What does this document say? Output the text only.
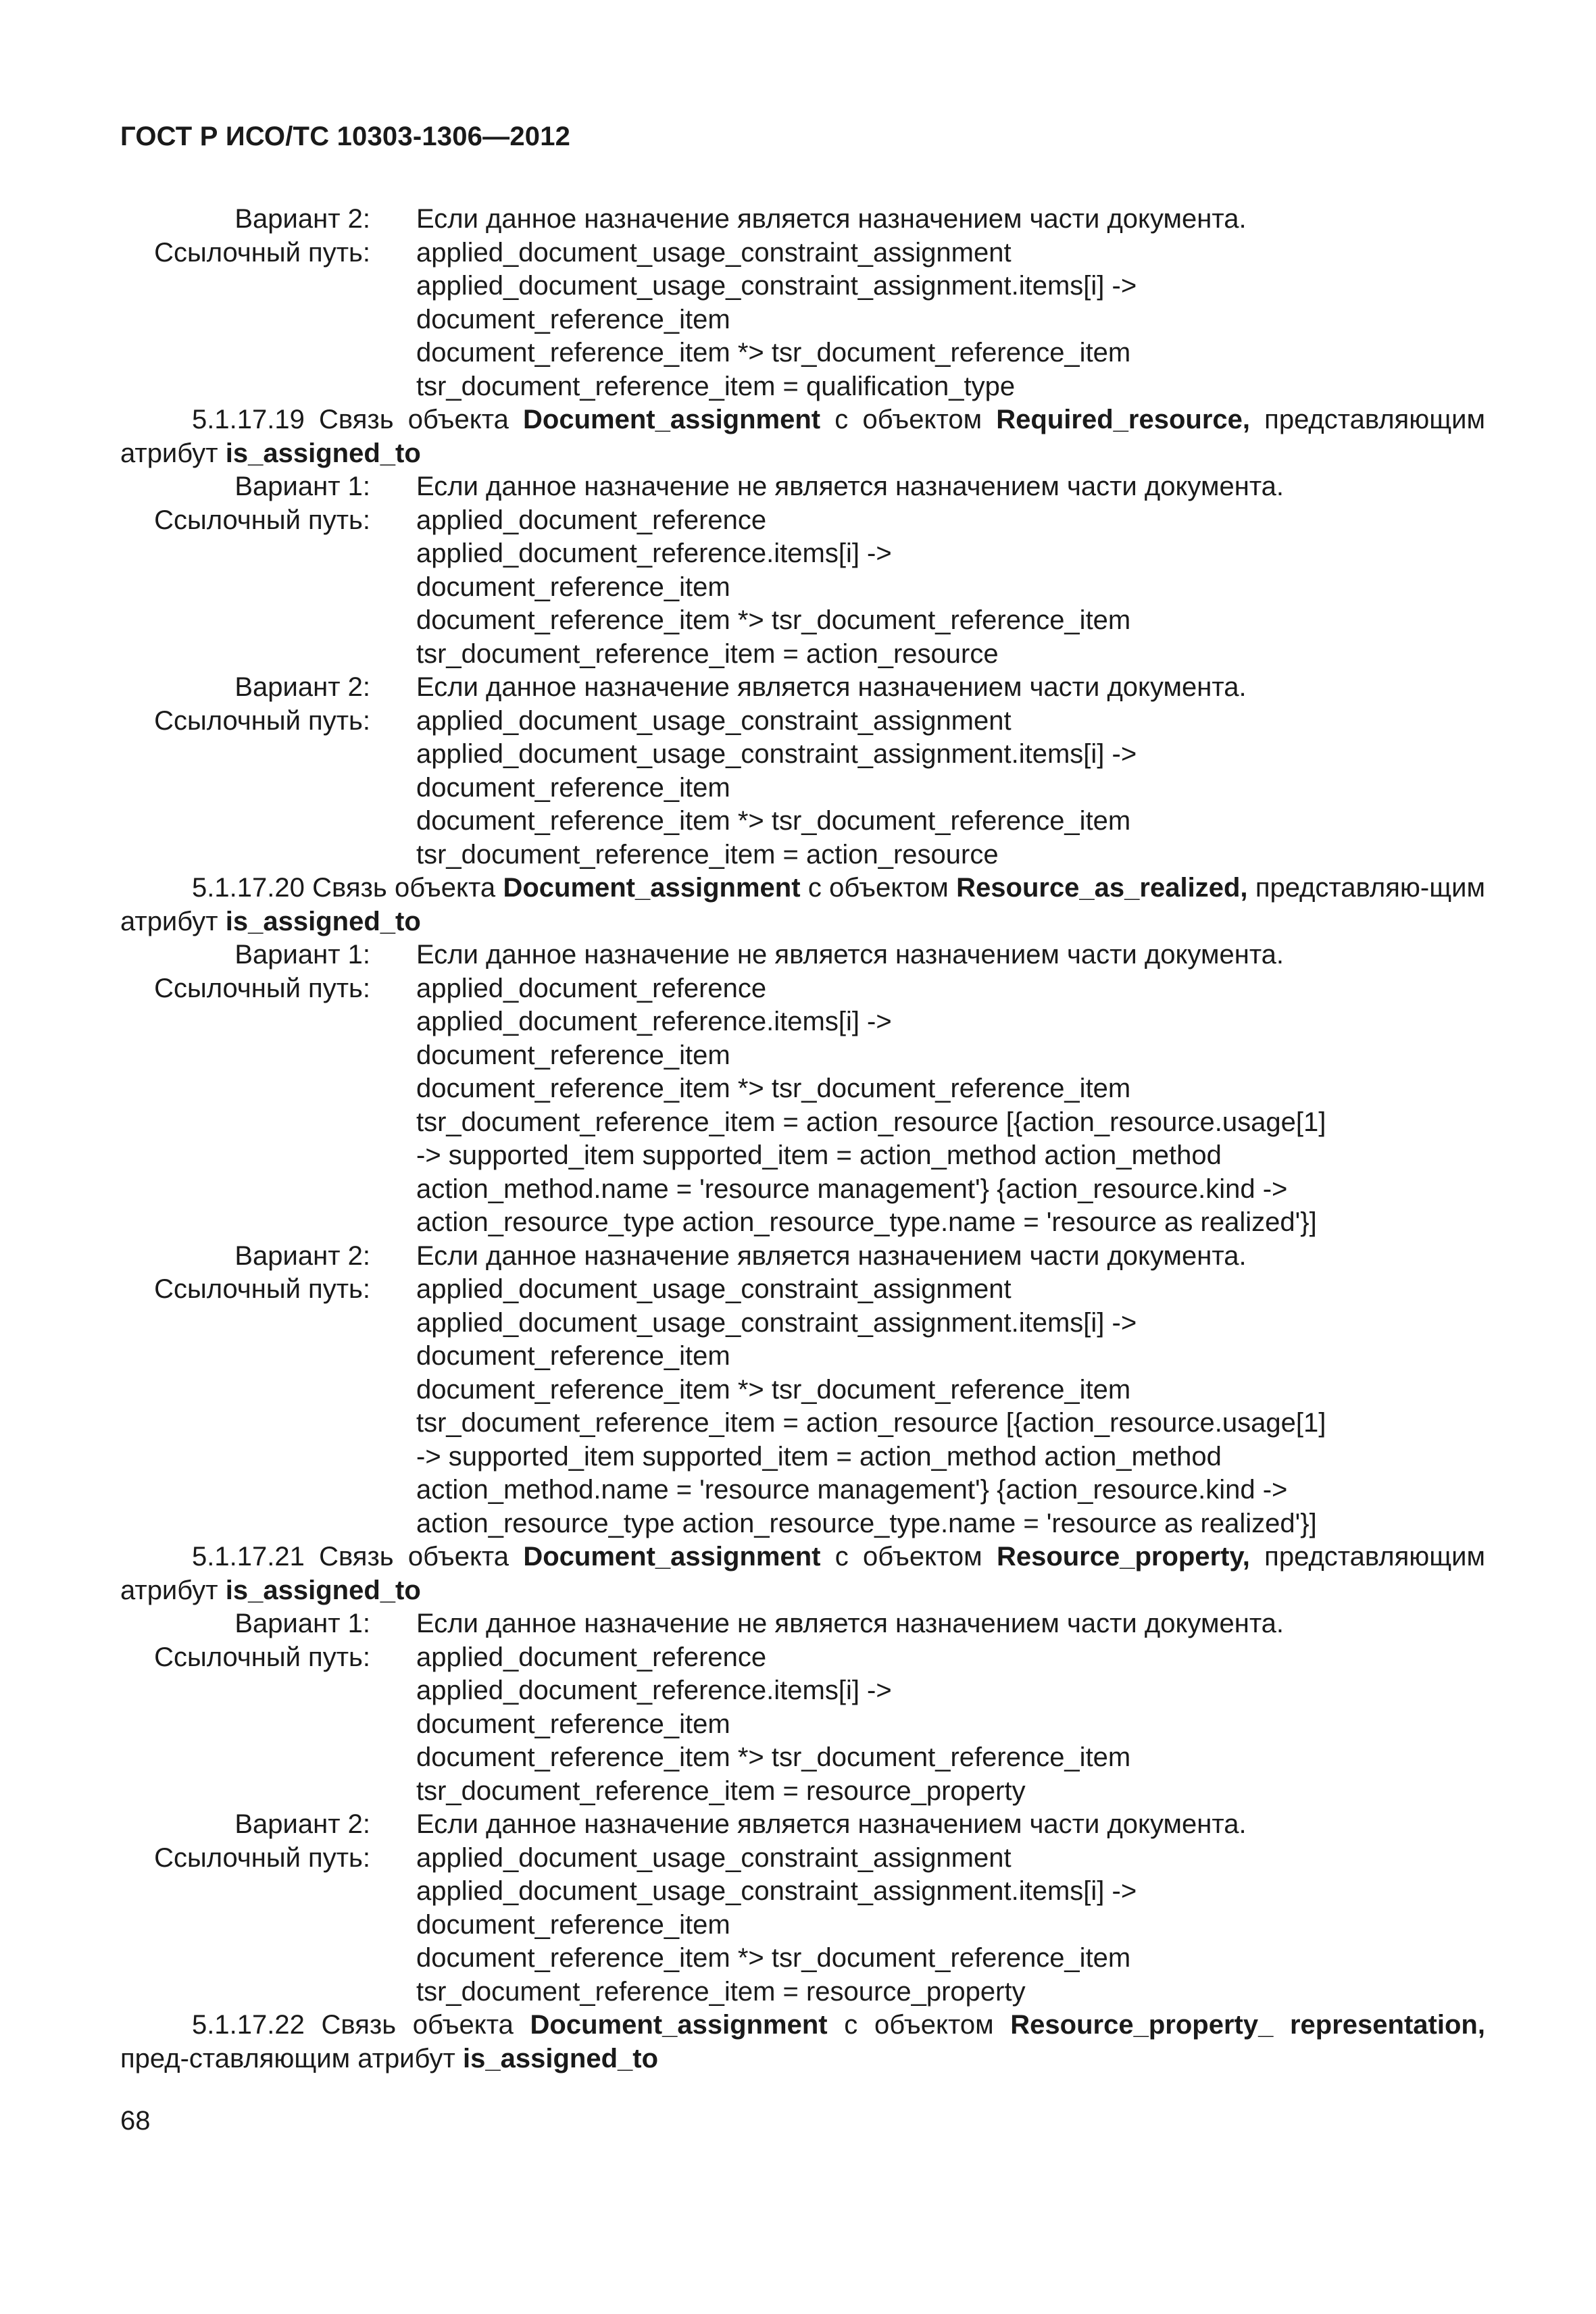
ГОСТ Р ИСО/ТС 10303-1306—2012
Вариант 2: Если данное назначение является назначением части документа.
Ссылочный путь: applied_document_usage_constraint_assignment
applied_document_usage_constraint_assignment.items[i] ->
document_reference_item
document_reference_item *> tsr_document_reference_item
tsr_document_reference_item = qualification_type
5.1.17.19 Связь объекта Document_assignment с объектом Required_resource, представляющим атрибут is_assigned_to
Вариант 1: Если данное назначение не является назначением части документа.
Ссылочный путь: applied_document_reference
applied_document_reference.items[i] ->
document_reference_item
document_reference_item *> tsr_document_reference_item
tsr_document_reference_item = action_resource
Вариант 2: Если данное назначение является назначением части документа.
Ссылочный путь: applied_document_usage_constraint_assignment
applied_document_usage_constraint_assignment.items[i] ->
document_reference_item
document_reference_item *> tsr_document_reference_item
tsr_document_reference_item = action_resource
5.1.17.20 Связь объекта Document_assignment с объектом Resource_as_realized, представляю-щим атрибут is_assigned_to
Вариант 1: Если данное назначение не является назначением части документа.
Ссылочный путь: applied_document_reference
applied_document_reference.items[i] ->
document_reference_item
document_reference_item *> tsr_document_reference_item
tsr_document_reference_item = action_resource [{action_resource.usage[1]
-> supported_item supported_item = action_method action_method
action_method.name = 'resource management'} {action_resource.kind ->
action_resource_type action_resource_type.name = 'resource as realized'}]
Вариант 2: Если данное назначение является назначением части документа.
Ссылочный путь: applied_document_usage_constraint_assignment
applied_document_usage_constraint_assignment.items[i] ->
document_reference_item
document_reference_item *> tsr_document_reference_item
tsr_document_reference_item = action_resource [{action_resource.usage[1]
-> supported_item supported_item = action_method action_method
action_method.name = 'resource management'} {action_resource.kind ->
action_resource_type action_resource_type.name = 'resource as realized'}]
5.1.17.21 Связь объекта Document_assignment с объектом Resource_property, представляющим атрибут is_assigned_to
Вариант 1: Если данное назначение не является назначением части документа.
Ссылочный путь: applied_document_reference
applied_document_reference.items[i] ->
document_reference_item
document_reference_item *> tsr_document_reference_item
tsr_document_reference_item = resource_property
Вариант 2: Если данное назначение является назначением части документа.
Ссылочный путь: applied_document_usage_constraint_assignment
applied_document_usage_constraint_assignment.items[i] ->
document_reference_item
document_reference_item *> tsr_document_reference_item
tsr_document_reference_item = resource_property
5.1.17.22 Связь объекта Document_assignment с объектом Resource_property_ representation, пред-ставляющим атрибут is_assigned_to
68
